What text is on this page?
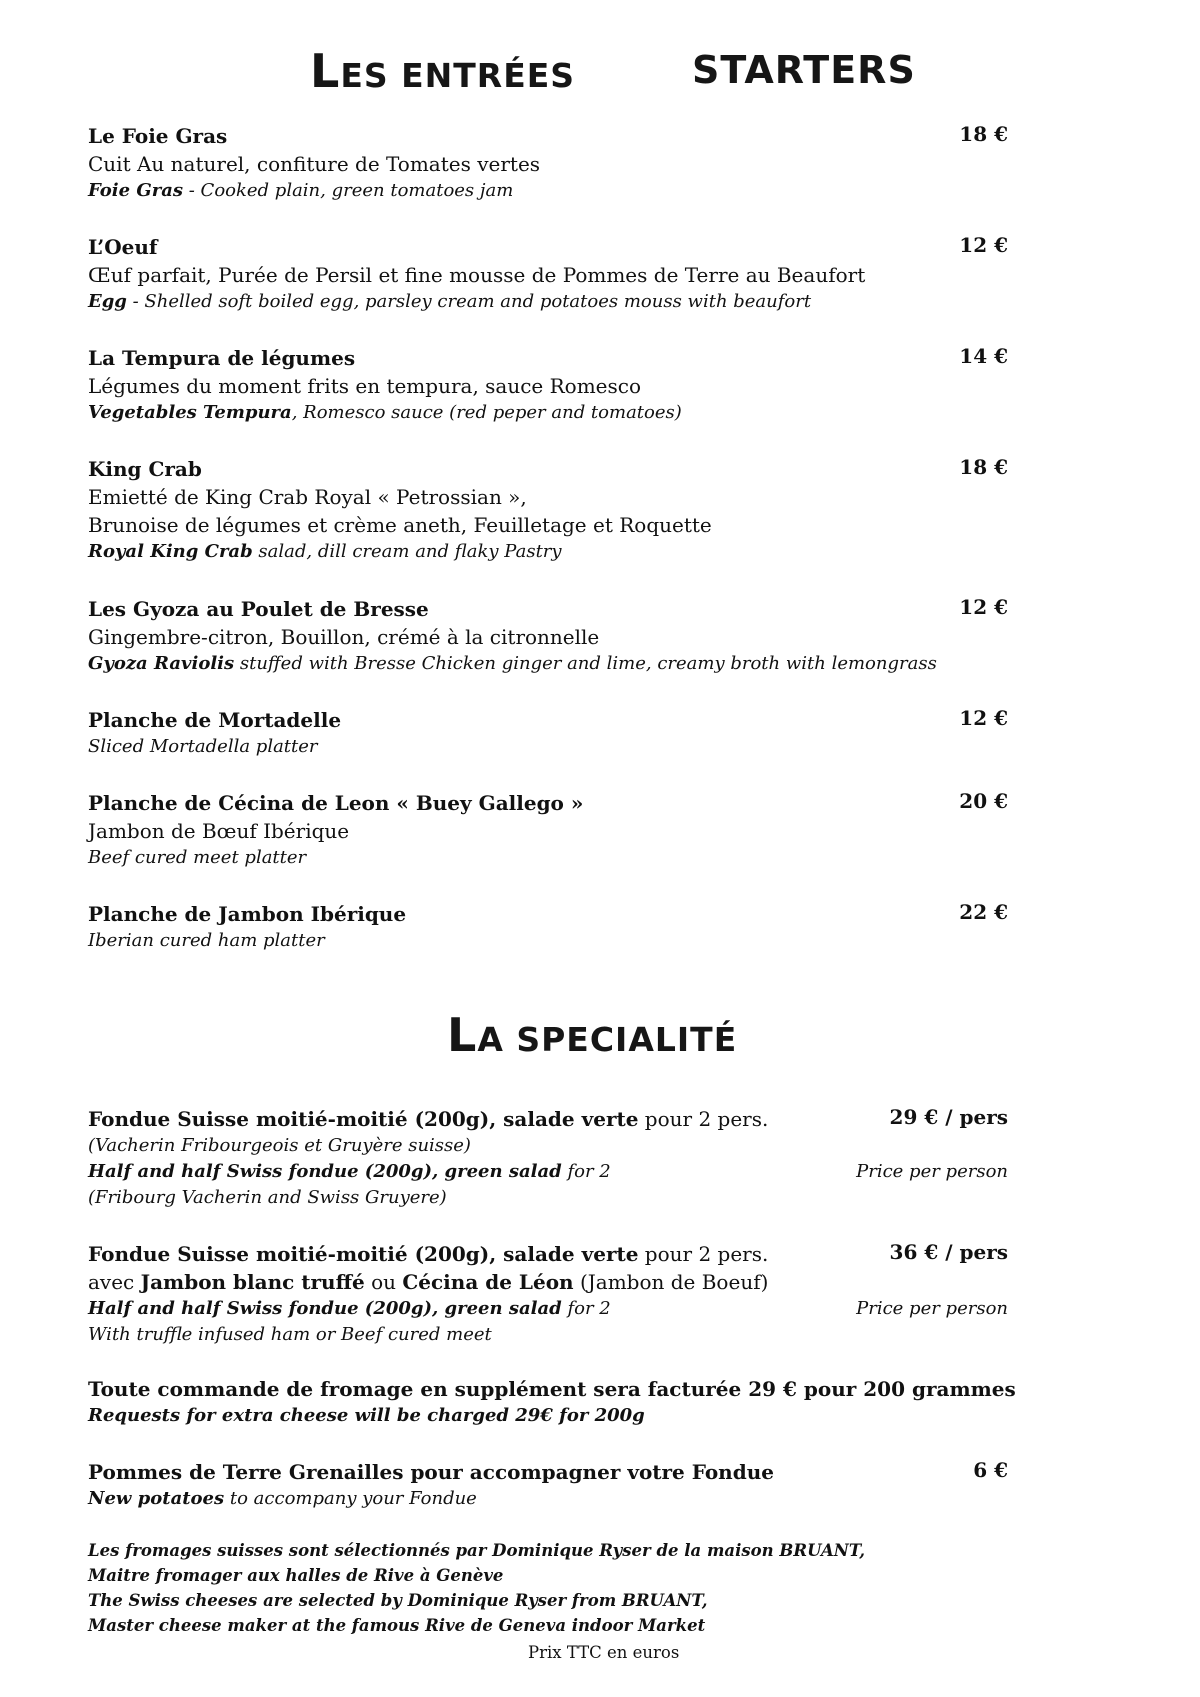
LES ENTRÉES	STARTERS
Le Foie Gras	18 €
Cuit Au naturel, confiture de Tomates vertes
Foie Gras - Cooked plain, green tomatoes jam
L’Oeuf	12 €
Œuf parfait, Purée de Persil et fine mousse de Pommes de Terre au Beaufort
Egg - Shelled soft boiled egg, parsley cream and potatoes mouss with beaufort
La Tempura de légumes	14 €
Légumes du moment frits en tempura, sauce Romesco
Vegetables Tempura, Romesco sauce (red peper and tomatoes)
King Crab	18 €
Emietté de King Crab Royal « Petrossian »,
Brunoise de légumes et crème aneth, Feuilletage et Roquette
Royal King Crab salad, dill cream and flaky Pastry
Les Gyoza au Poulet de Bresse	12 €
Gingembre-citron, Bouillon, crémé à la citronnelle
Gyoza Raviolis stuffed with Bresse Chicken ginger and lime, creamy broth with lemongrass
Planche de Mortadelle	12 €
Sliced Mortadella platter
Planche de Cécina de Leon « Buey Gallego »	20 €
Jambon de Bœuf Ibérique
Beef cured meet platter
Planche de Jambon Ibérique	22 €
Iberian cured ham platter
LA SPECIALITÉ
Fondue Suisse moitié-moitié (200g), salade verte pour 2 pers.	29 € / pers
(Vacherin Fribourgeois et Gruyère suisse)
Half and half Swiss fondue (200g), green salad for 2	Price per person
(Fribourg Vacherin and Swiss Gruyere)
Fondue Suisse moitié-moitié (200g), salade verte pour 2 pers.	36 € / pers
avec Jambon blanc truffé ou Cécina de Léon (Jambon de Boeuf)
Half and half Swiss fondue (200g), green salad for 2	Price per person
With truffle infused ham or Beef cured meet
Toute commande de fromage en supplément sera facturée 29 € pour 200 grammes
Requests for extra cheese will be charged 29€ for 200g
Pommes de Terre Grenailles pour accompagner votre Fondue	6 €
New potatoes to accompany your Fondue
Les fromages suisses sont sélectionnés par Dominique Ryser de la maison BRUANT,
Maitre fromager aux halles de Rive à Genève
The Swiss cheeses are selected by Dominique Ryser from BRUANT,
Master cheese maker at the famous Rive de Geneva indoor Market
Prix TTC en euros
